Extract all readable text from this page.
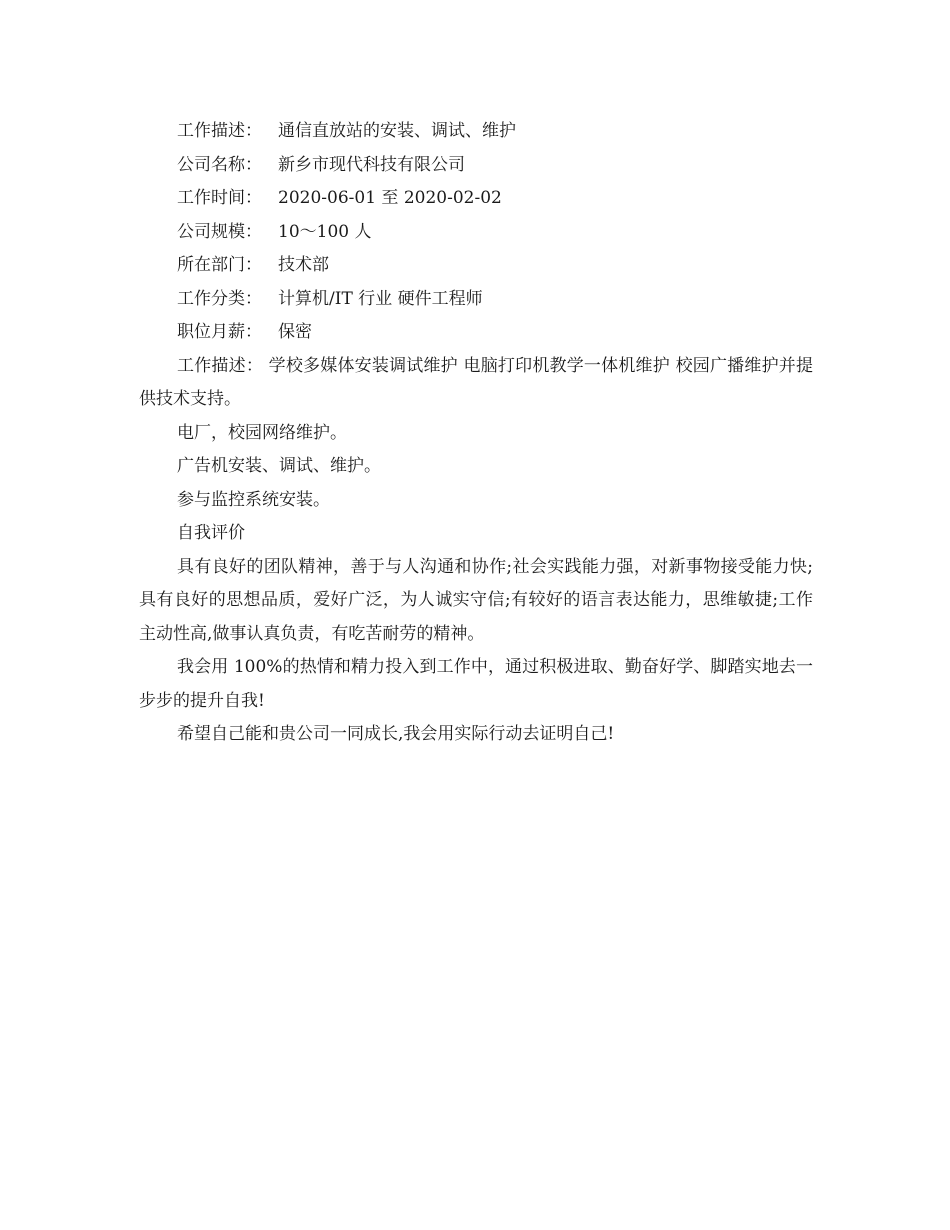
工作描述： 通信直放站的安装、调试、维护
公司名称： 新乡市现代科技有限公司
工作时间： 2020-06-01 至 2020-02-02
公司规模： 10～100 人
所在部门： 技术部
工作分类： 计算机/IT 行业 硬件工程师
职位月薪： 保密

工作描述： 学校多媒体安装调试维护 电脑打印机教学一体机维护 校园广播维护并提供技术支持。

电厂，校园网络维护。

广告机安装、调试、维护。

参与监控系统安装。

自我评价

具有良好的团队精神，善于与人沟通和协作;社会实践能力强，对新事物接受能力快;具有良好的思想品质，爱好广泛，为人诚实守信;有较好的语言表达能力，思维敏捷;工作主动性高,做事认真负责，有吃苦耐劳的精神。

我会用 100%的热情和精力投入到工作中，通过积极进取、勤奋好学、脚踏实地去一步步的提升自我!

希望自己能和贵公司一同成长,我会用实际行动去证明自己!
